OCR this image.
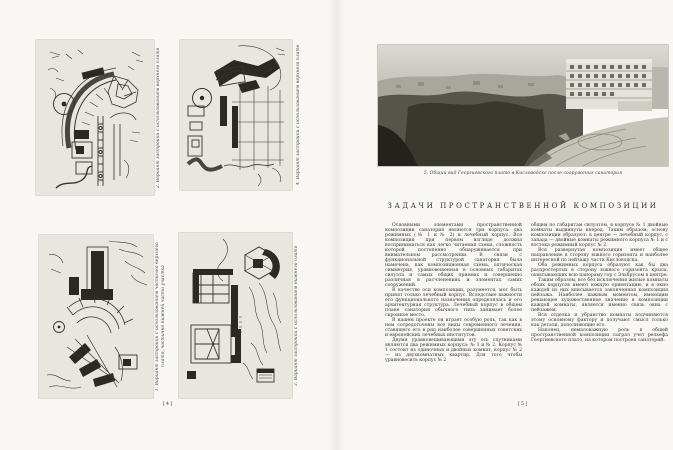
2. Вариант застройки с использованием верхнего плато	4. Вариант застройки с использованием верхнего плато
1. Вариант застройки с использованием частично верхнего плато, частично нижней части участка	3. Вариант застройки с использованием нижнего плато
[4]
5. Общий вид Георгиевского плато в Кисловодске после сооружения санатория
ЗАДАЧИ ПРОСТРАНСТВЕННОЙ КОМПОЗИЦИИ

Основными элементами пространственной композиции санатория являются три корпуса: два режимных (№ 1 и № 2) и лечебный корпус. Вся композиция при первом взгляде должна восприниматься как легко читаемая схема, сложность которой постепенно обнаруживается при внимательном рассмотрении. В связи с функциональной структурой санатория была намечена, как композиционная схема, оптическая симметрия, уравновешенная в основных габаритах силуэта и самых общих приемах и совершенно различная в расчленениях и элементах самих сооружений.

В качестве оси композиции, разумеется, мог быть принят только лечебный корпус. Вследствие важности его функционального назначения определялась и его архитектурная структура. Лечебный корпус в общем плане санатория обычного типа занимает более скромное место.

В нашем проекте он играет особую роль, так как в нем сосредоточены все виды современного лечения, ставящего его в ряд наиболее совершенных советских и европейских лечебных институтов.

Двумя уравновешивающими эту ось спутниками являются два режимных корпуса: № 1 и № 2. Корпус № 1 состоит из одиночных и двойных комнат, корпус № 2 — из двухкомнатных квартир. Для того чтобы уравновесить корпус № 2

общим по габаритам силуэтом, в корпусе № 1 двойные комнаты выдвинуты вперед. Таким образом, основу композиции образуют: в центре — лечебный корпус, с запада — двойные комнаты режимного корпуса № 1 и с востока режимный корпус № 2.

Вся развернутая композиция имеет общее направление в сторону южного горизонта и наиболее интересной по пейзажу части Кисловодска.

Оба режимных корпуса образуют как бы два распростертых в сторону южного горизонта крыла, охватывающих всю панораму гор с Эльбрусом в центре.

Таким образом, все без исключения жилые комнаты обоих корпусов имеют южную ориентацию, и в окно каждой из них вписывается законченная композиция пейзажа. Наиболее важным моментом, имеющим решающее художественное значение в композиции каждой комнаты, является именно связь окна с пейзажем.

Вся отделка и убранство комнаты подчиняются этому основному фактору и получают смысл только как детали, дополняющие его.

Наконец, немаловажную роль в общей пространственной композиции сыграл учет рельефа Георгиевского плато, на котором построен санаторий.

[5]
